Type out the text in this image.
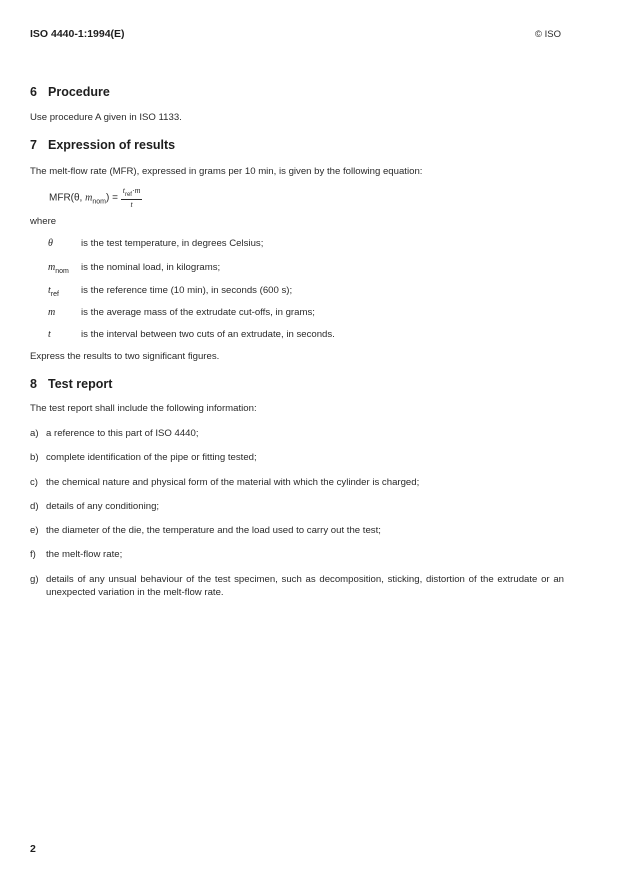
ISO 4440-1:1994(E)	© ISO
6 Procedure
Use procedure A given in ISO 1133.
7 Expression of results
The melt-flow rate (MFR), expressed in grams per 10 min, is given by the following equation:
MFR(θ, $m_{nom}) = \frac{t_{ref}\cdot m}{t}$
where
θ	is the test temperature, in degrees Celsius;
$m_{nom}$ is the nominal load, in kilograms;
$t_{ref}$ is the reference time (10 min), in seconds (600 s);
m	is the average mass of the extrudate cut-offs, in grams;
t	is the interval between two cuts of an extrudate, in seconds.
Express the results to two significant figures.
8 Test report
The test report shall include the following information:
a) a reference to this part of ISO 4440;
b) complete identification of the pipe or fitting tested;
c) the chemical nature and physical form of the material with which the cylinder is charged;
d) details of any conditioning;
e) the diameter of the die, the temperature and the load used to carry out the test;
f) the melt-flow rate;
g) details of any unsual behaviour of the test specimen, such as decomposition, sticking, distortion of the extrudate or an unexpected variation in the melt-flow rate.
2
